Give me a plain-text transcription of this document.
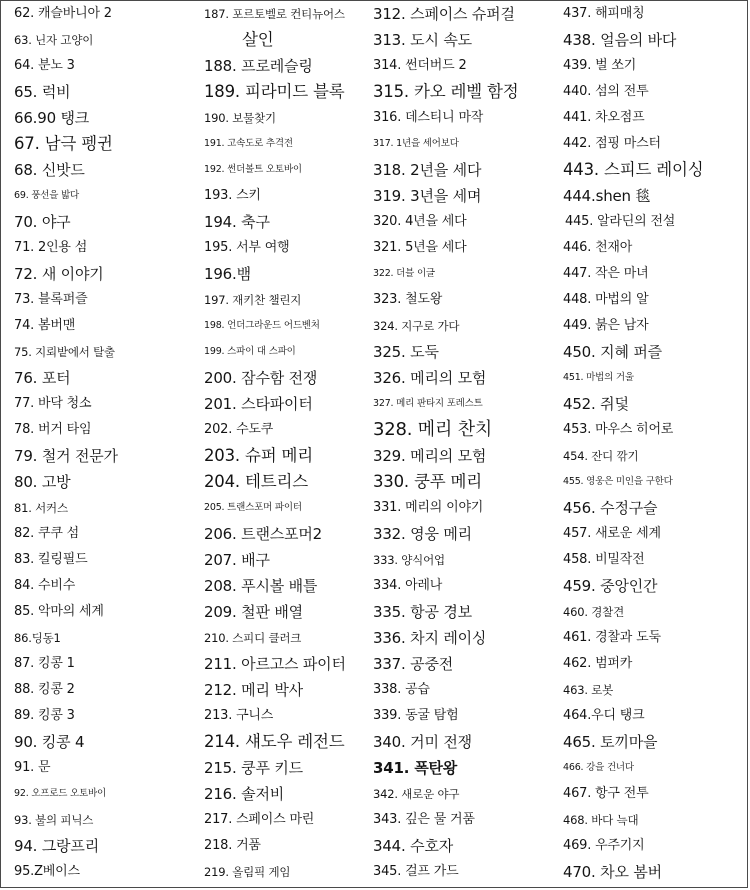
62. 캐슬바니아 2
63. 닌자 고양이
64. 분노 3
65. 럭비
66.90 탱크
67. 남극 펭귄
68. 신밧드
69. 풍선을 밟다
70. 야구
71. 2인용 섬
72. 새 이야기
73. 블록퍼즐
74. 봄버맨
75. 지뢰밭에서 탈출
76. 포터
77. 바닥 청소
78. 버거 타임
79. 철거 전문가
80. 고방
81. 서커스
82. 쿠쿠 섬
83. 킬링필드
84. 수비수
85. 악마의 세계
86.딩동1
87. 킹콩 1
88. 킹콩 2
89. 킹콩 3
90. 킹콩 4
91. 문
92. 오프로드 오토바이
93. 불의 피닉스
94. 그랑프리
95.Z베이스
187. 포르토벨로 컨티뉴어스
살인
188. 프로레슬링
189. 피라미드 블록
190. 보물찾기
191. 고속도로 추격전
192. 썬더볼트 오토바이
193. 스키
194. 축구
195. 서부 여행
196.뱀
197. 재키찬 챌린지
198. 언더그라운드 어드벤처
199. 스파이 대 스파이
200. 잠수함 전쟁
201. 스타파이터
202. 수도쿠
203. 슈퍼 메리
204. 테트리스
205. 트랜스포머 파이터
206. 트랜스포머2
207. 배구
208. 푸시볼 배틀
209. 철판 배열
210. 스피디 클러크
211. 아르고스 파이터
212. 메리 박사
213. 구니스
214. 섀도우 레전드
215. 쿵푸 키드
216. 솔저비
217. 스페이스 마린
218. 거품
219. 올림픽 게임
312. 스페이스 슈퍼걸
313. 도시 속도
314. 썬더버드 2
315. 카오 레벨 함정
316. 데스티니 마작
317. 1년을 세어보다
318. 2년을 세다
319. 3년을 세며
320. 4년을 세다
321. 5년을 세다
322. 더블 이글
323. 철도왕
324. 지구로 가다
325. 도둑
326. 메리의 모험
327. 메리 판타지 포레스트
328. 메리 찬치
329. 메리의 모험
330. 쿵푸 메리
331. 메리의 이야기
332. 영웅 메리
333. 양식어업
334. 아레나
335. 항공 경보
336. 차지 레이싱
337. 공중전
338. 공습
339. 동굴 탐험
340. 거미 전쟁
341. 폭탄왕
342. 새로운 야구
343. 깊은 물 거품
344. 수호자
345. 걸프 가드
437. 해피매칭
438. 얼음의 바다
439. 벌 쏘기
440. 섬의 전투
441. 차오점프
442. 점핑 마스터
443. 스피드 레이싱
444.shen 毯
445. 알라딘의 전설
446. 천재아
447. 작은 마녀
448. 마법의 알
449. 붉은 남자
450. 지혜 퍼즐
451. 마법의 거울
452. 쥐덫
453. 마우스 히어로
454. 잔디 깎기
455. 영웅은 미인을 구한다
456. 수정구슬
457. 새로운 세계
458. 비밀작전
459. 중앙인간
460. 경찰견
461. 경찰과 도둑
462. 범퍼카
463. 로봇
464.우디 탱크
465. 토끼마을
466. 강을 건너다
467. 항구 전투
468. 바다 늑대
469. 우주기지
470. 차오 봄버
